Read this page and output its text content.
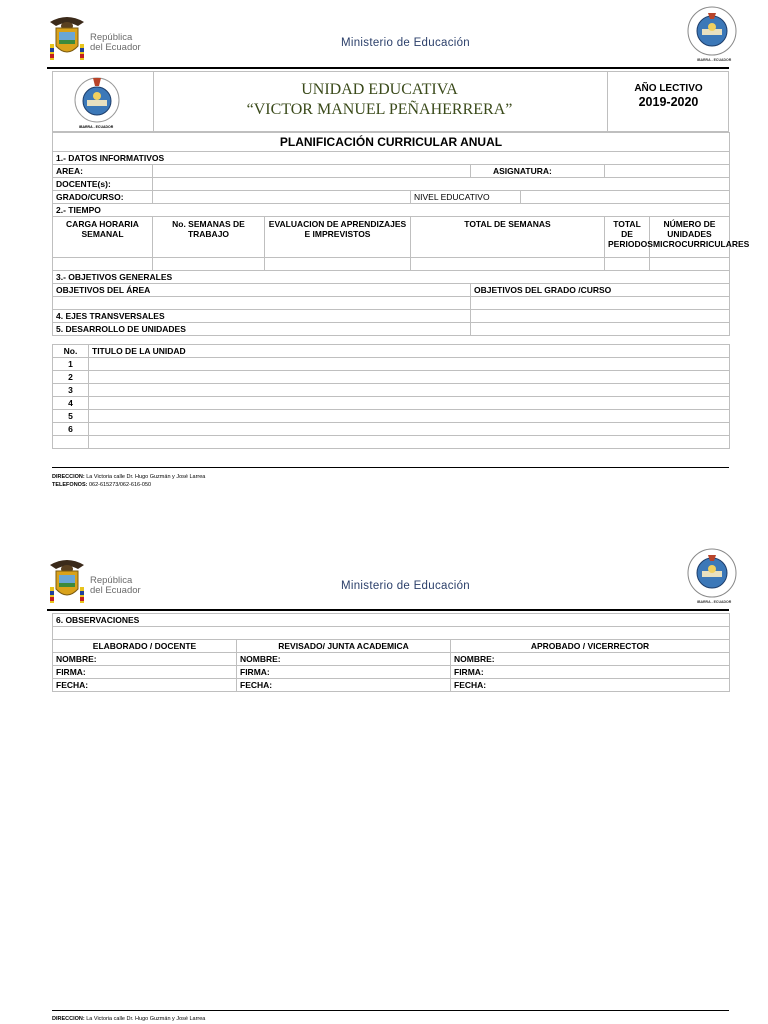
República
del Ecuador	Ministerio de Educación
IBARRA - ECUADOR
IBARRA - ECUADOR
UNIDAD EDUCATIVA
“VICTOR MANUEL PEÑAHERRERA”
AÑO LECTIVO
2019-2020
PLANIFICACIÓN CURRICULAR ANUAL							
1.- DATOS INFORMATIVOS							
AREA:				ASIGNATURA:			
DOCENTE(s):							
GRADO/CURSO:			NIVEL EDUCATIVO				
2.- TIEMPO							
CARGA HORARIA SEMANAL	No. SEMANAS DE TRABAJO	EVALUACION DE APRENDIZAJES E IMPREVISTOS	TOTAL DE SEMANAS			TOTAL DE PERIODOS	NÚMERO DE UNIDADES MICROCURRICULARES

3.- OBJETIVOS GENERALES							
OBJETIVOS DEL ÁREA				OBJETIVOS DEL GRADO /CURSO			

4. EJES TRANSVERSALES							
5. DESARROLLO DE UNIDADES							
No.	TITULO DE LA UNIDAD
1	
2	
3	
4	
5	
6	

DIRECCION: La Victoria calle Dr. Hugo Guzmán y José Larrea
TELEFONOS: 062-615273/062-616-050
República
del Ecuador	Ministerio de Educación
IBARRA - ECUADOR
6. OBSERVACIONES		

ELABORADO / DOCENTE	REVISADO/ JUNTA ACADEMICA	APROBADO / VICERRECTOR
NOMBRE:	NOMBRE:	NOMBRE:
FIRMA:	FIRMA:	FIRMA:
FECHA:	FECHA:	FECHA:
DIRECCION: La Victoria calle Dr. Hugo Guzmán y José Larrea
